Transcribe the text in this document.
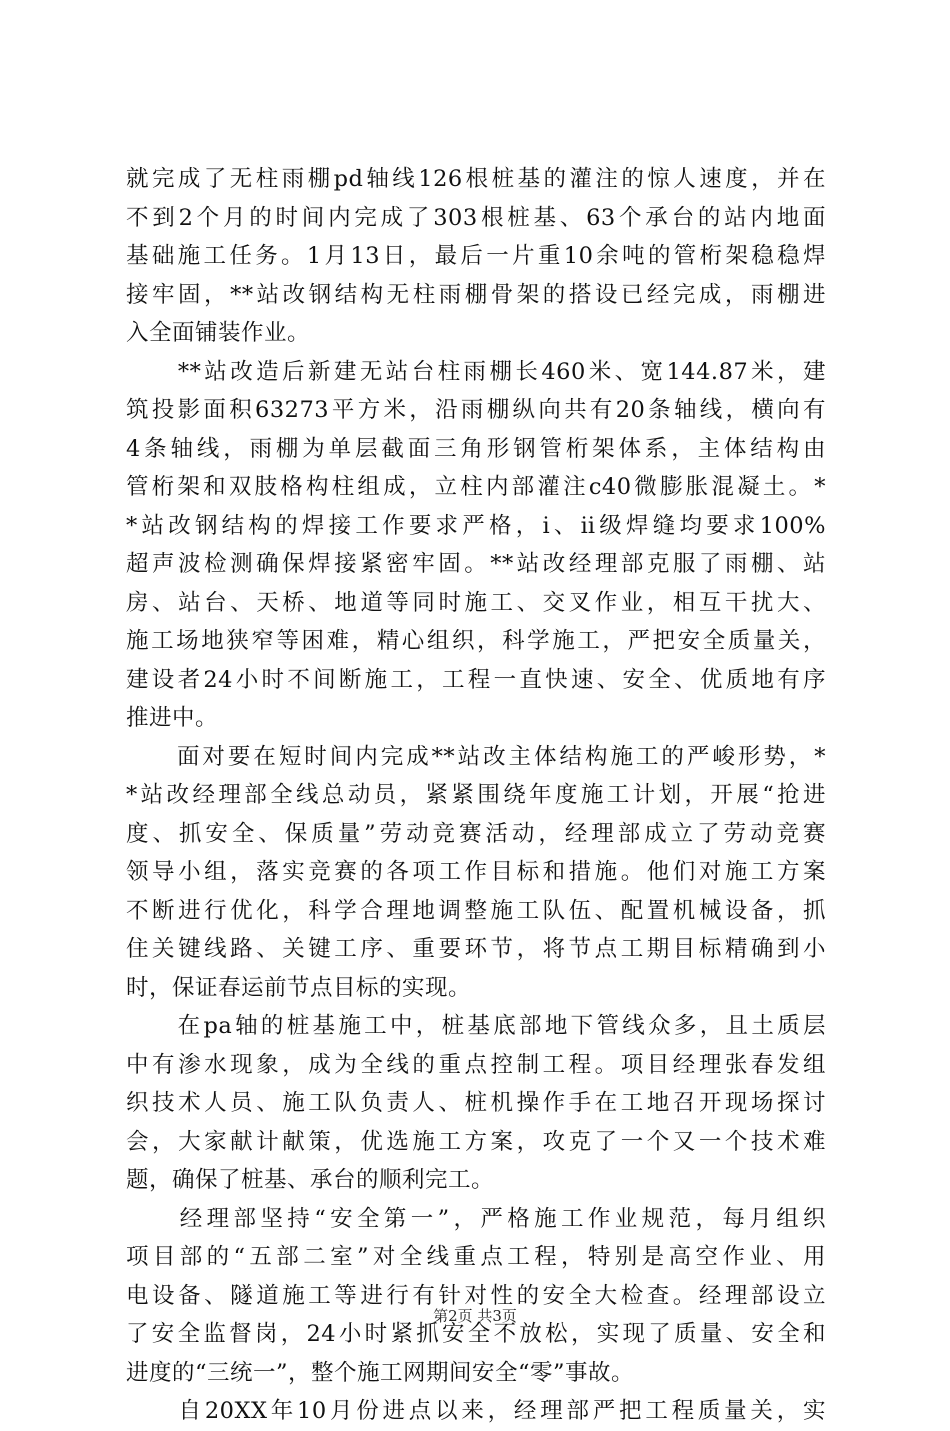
就完成了无柱雨棚pd轴线126根桩基的灌注的惊人速度，并在
不到2个月的时间内完成了303根桩基、63个承台的站内地面
基础施工任务。1月13日，最后一片重10余吨的管桁架稳稳焊
接牢固，**站改钢结构无柱雨棚骨架的搭设已经完成，雨棚进
入全面铺装作业。
　　**站改造后新建无站台柱雨棚长460米、宽144.87米，建
筑投影面积63273平方米，沿雨棚纵向共有20条轴线，横向有
4条轴线，雨棚为单层截面三角形钢管桁架体系，主体结构由
管桁架和双肢格构柱组成，立柱内部灌注c40微膨胀混凝土。*
*站改钢结构的焊接工作要求严格，ⅰ、ⅱ级焊缝均要求100%
超声波检测确保焊接紧密牢固。**站改经理部克服了雨棚、站
房、站台、天桥、地道等同时施工、交叉作业，相互干扰大、
施工场地狭窄等困难，精心组织，科学施工，严把安全质量关，
建设者24小时不间断施工，工程一直快速、安全、优质地有序
推进中。
　　面对要在短时间内完成**站改主体结构施工的严峻形势，*
*站改经理部全线总动员，紧紧围绕年度施工计划，开展“抢进
度、抓安全、保质量”劳动竞赛活动，经理部成立了劳动竞赛
领导小组，落实竞赛的各项工作目标和措施。他们对施工方案
不断进行优化，科学合理地调整施工队伍、配置机械设备，抓
住关键线路、关键工序、重要环节，将节点工期目标精确到小
时，保证春运前节点目标的实现。
　　在pa轴的桩基施工中，桩基底部地下管线众多，且土质层
中有渗水现象，成为全线的重点控制工程。项目经理张春发组
织技术人员、施工队负责人、桩机操作手在工地召开现场探讨
会，大家献计献策，优选施工方案，攻克了一个又一个技术难
题，确保了桩基、承台的顺利完工。
　　经理部坚持“安全第一”，严格施工作业规范，每月组织
项目部的“五部二室”对全线重点工程，特别是高空作业、用
电设备、隧道施工等进行有针对性的安全大检查。经理部设立
了安全监督岗，24小时紧抓安全不放松，实现了质量、安全和
进度的“三统一”，整个施工网期间安全“零”事故。
　　自20XX年10月份进点以来，经理部严把工程质量关，实
第2页 共3页
